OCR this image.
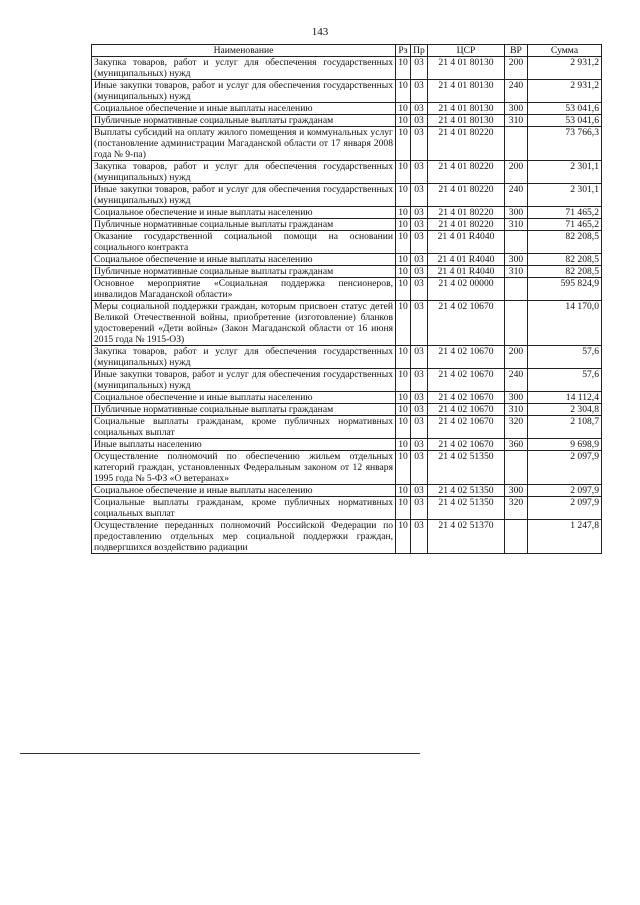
143
Наименование	Рз	Пр	ЦСР	ВР	Сумма
Закупка товаров, работ и услуг для обеспечения государственных (муниципальных) нужд	10	03	21 4 01 80130	200	2 931,2
Иные закупки товаров, работ и услуг для обеспечения государственных (муниципальных) нужд	10	03	21 4 01 80130	240	2 931,2
Социальное обеспечение и иные выплаты населению	10	03	21 4 01 80130	300	53 041,6
Публичные нормативные социальные выплаты гражданам	10	03	21 4 01 80130	310	53 041,6
Выплаты субсидий на оплату жилого помещения и коммунальных услуг (постановление администрации Магаданской области от 17 января 2008 года № 9-па)	10	03	21 4 01 80220		73 766,3
Закупка товаров, работ и услуг для обеспечения государственных (муниципальных) нужд	10	03	21 4 01 80220	200	2 301,1
Иные закупки товаров, работ и услуг для обеспечения государственных (муниципальных) нужд	10	03	21 4 01 80220	240	2 301,1
Социальное обеспечение и иные выплаты населению	10	03	21 4 01 80220	300	71 465,2
Публичные нормативные социальные выплаты гражданам	10	03	21 4 01 80220	310	71 465,2
Оказание государственной социальной помощи на основании социального контракта	10	03	21 4 01 R4040		82 208,5
Социальное обеспечение и иные выплаты населению	10	03	21 4 01 R4040	300	82 208,5
Публичные нормативные социальные выплаты гражданам	10	03	21 4 01 R4040	310	82 208,5
Основное мероприятие «Социальная поддержка пенсионеров, инвалидов Магаданской области»	10	03	21 4 02 00000		595 824,9
Меры социальной поддержки граждан, которым присвоен статус детей Великой Отечественной войны, приобретение (изготовление) бланков удостоверений «Дети войны» (Закон Магаданской области от 16 июня 2015 года № 1915-ОЗ)	10	03	21 4 02 10670		14 170,0
Закупка товаров, работ и услуг для обеспечения государственных (муниципальных) нужд	10	03	21 4 02 10670	200	57,6
Иные закупки товаров, работ и услуг для обеспечения государственных (муниципальных) нужд	10	03	21 4 02 10670	240	57,6
Социальное обеспечение и иные выплаты населению	10	03	21 4 02 10670	300	14 112,4
Публичные нормативные социальные выплаты гражданам	10	03	21 4 02 10670	310	2 304,8
Социальные выплаты гражданам, кроме публичных нормативных социальных выплат	10	03	21 4 02 10670	320	2 108,7
Иные выплаты населению	10	03	21 4 02 10670	360	9 698,9
Осуществление полномочий по обеспечению жильем отдельных категорий граждан, установленных Федеральным законом от 12 января 1995 года № 5-ФЗ «О ветеранах»	10	03	21 4 02 51350		2 097,9
Социальное обеспечение и иные выплаты населению	10	03	21 4 02 51350	300	2 097,9
Социальные выплаты гражданам, кроме публичных нормативных социальных выплат	10	03	21 4 02 51350	320	2 097,9
Осуществление переданных полномочий Российской Федерации по предоставлению отдельных мер социальной поддержки граждан, подвергшихся воздействию радиации	10	03	21 4 02 51370		1 247,8
